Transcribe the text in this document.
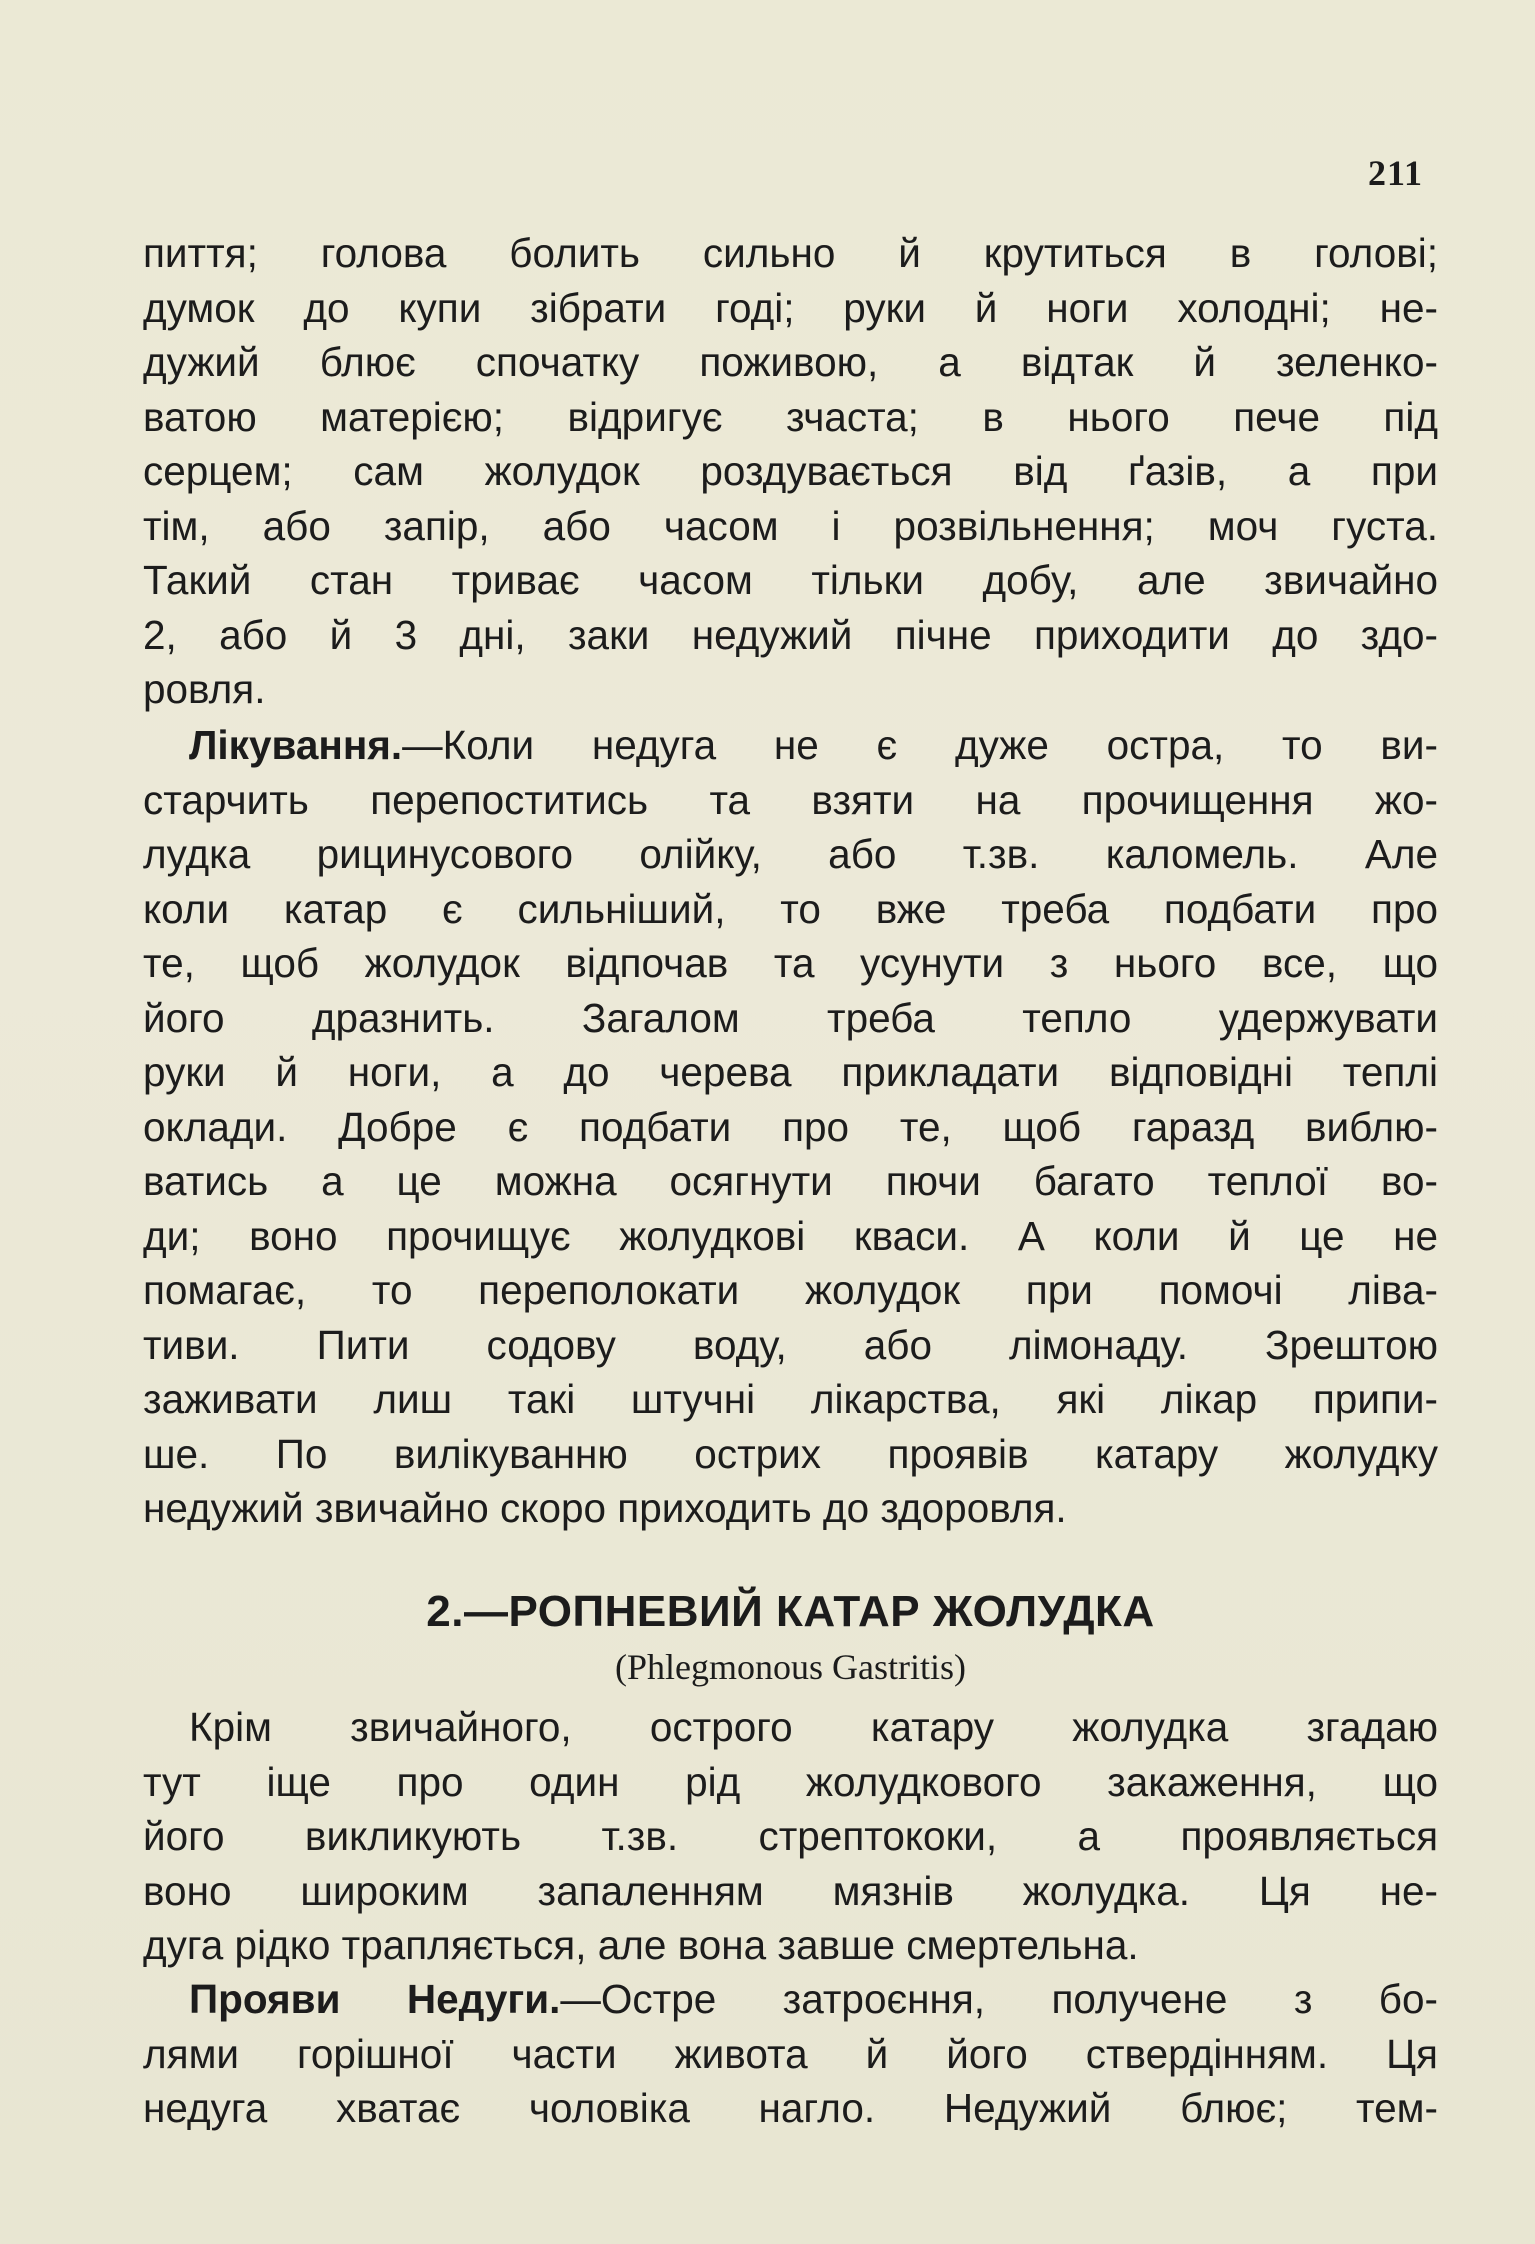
211

пиття; голова болить сильно й крутиться в голові;
думок до купи зібрати годі; руки й ноги холодні; не-
дужий блює спочатку поживою, а відтак й зеленко-
ватою матерією; відригує зчаста; в нього пече під
серцем; сам жолудок роздувається від ґазів, а при
тім, або запір, або часом і розвільнення; моч густа.
Такий стан триває часом тільки добу, але звичайно
2, або й 3 дні, заки недужий пічне приходити до здо-
ровля.

Лікування.—Коли недуга не є дуже остра, то ви-
старчить перепоститись та взяти на прочищення жо-
лудка рицинусового олійку, або т.зв. каломель. Але
коли катар є сильніший, то вже треба подбати про
те, щоб жолудок відпочав та усунути з нього все, що
його дразнить. Загалом треба тепло удержувати
руки й ноги, а до черева прикладати відповідні теплі
оклади. Добре є подбати про те, щоб гаразд виблю-
ватись а це можна осягнути пючи багато теплої во-
ди; воно прочищує жолудкові кваси. А коли й це не
помагає, то переполокати жолудок при помочі ліва-
тиви. Пити содову воду, або лімонаду. Зрештою
заживати лиш такі штучні лікарства, які лікар припи-
ше. По вилікуванню острих проявів катару жолудку
недужий звичайно скоро приходить до здоровля.

2.—РОПНЕВИЙ КАТАР ЖОЛУДКА
(Phlegmonous Gastritis)

Крім звичайного, острого катару жолудка згадаю
тут іще про один рід жолудкового закаження, що
його викликують т.зв. стрептококи, а проявляється
воно широким запаленням мязнів жолудка. Ця не-
дуга рідко трапляється, але вона завше смертельна.

Прояви Недуги.—Остре затроєння, получене з бо-
лями горішної части живота й його ствердінням. Ця
недуга хватає чоловіка нагло. Недужий блює; тем-
